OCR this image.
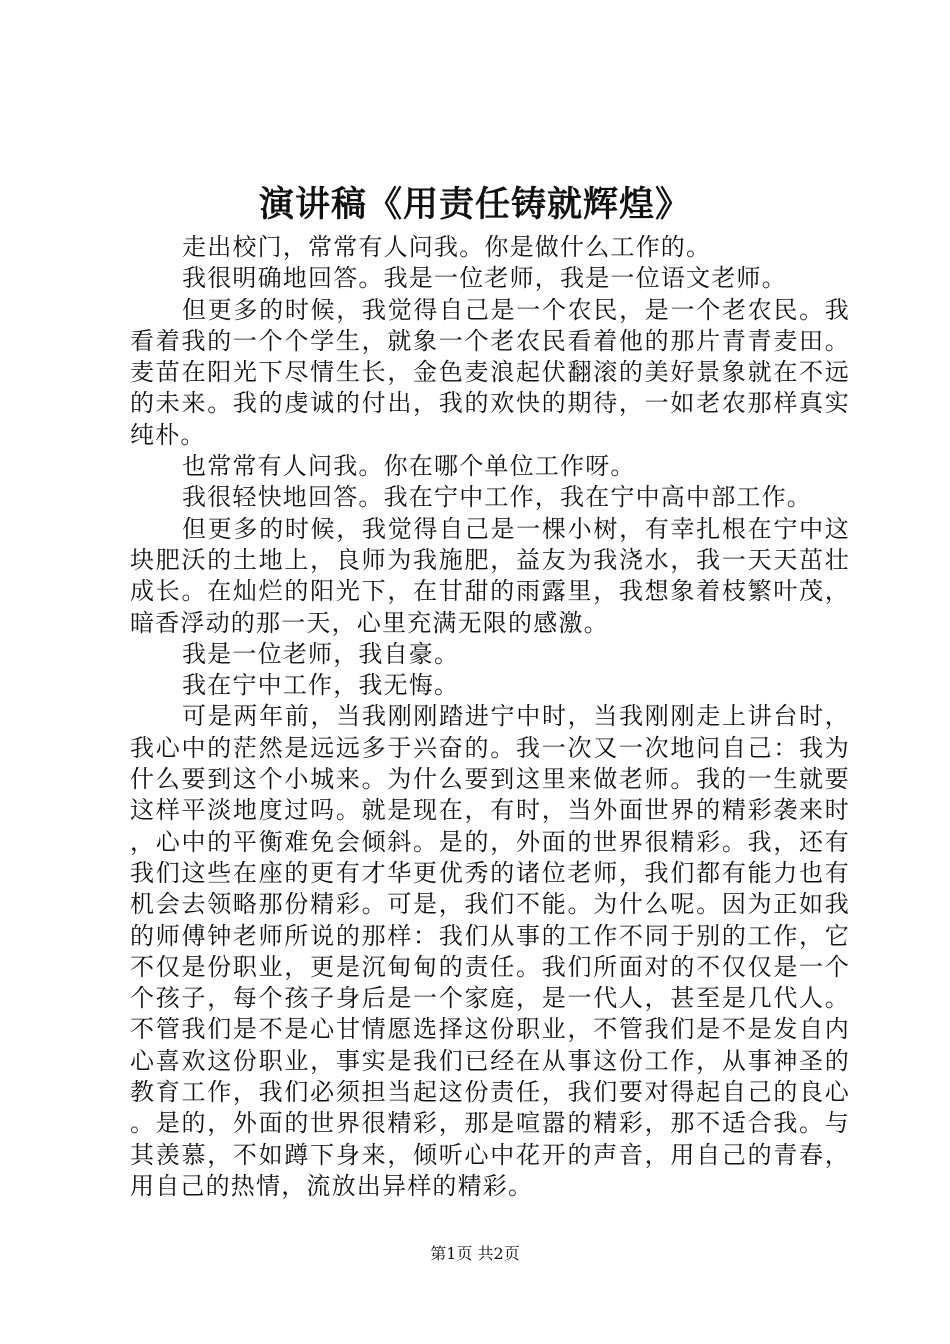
演讲稿《用责任铸就辉煌》

走出校门，常常有人问我。你是做什么工作的。

我很明确地回答。我是一位老师，我是一位语文老师。

但更多的时候，我觉得自己是一个农民，是一个老农民。我看着我的一个个学生，就象一个老农民看着他的那片青青麦田。麦苗在阳光下尽情生长，金色麦浪起伏翻滚的美好景象就在不远的未来。我的虔诚的付出，我的欢快的期待，一如老农那样真实纯朴。

也常常有人问我。你在哪个单位工作呀。

我很轻快地回答。我在宁中工作，我在宁中高中部工作。

但更多的时候，我觉得自己是一棵小树，有幸扎根在宁中这块肥沃的土地上，良师为我施肥，益友为我浇水，我一天天茁壮成长。在灿烂的阳光下，在甘甜的雨露里，我想象着枝繁叶茂，暗香浮动的那一天，心里充满无限的感激。

我是一位老师，我自豪。

我在宁中工作，我无悔。

可是两年前，当我刚刚踏进宁中时，当我刚刚走上讲台时，我心中的茫然是远远多于兴奋的。我一次又一次地问自己：我为什么要到这个小城来。为什么要到这里来做老师。我的一生就要这样平淡地度过吗。就是现在，有时，当外面世界的精彩袭来时，心中的平衡难免会倾斜。是的，外面的世界很精彩。我，还有我们这些在座的更有才华更优秀的诸位老师，我们都有能力也有机会去领略那份精彩。可是，我们不能。为什么呢。因为正如我的师傅钟老师所说的那样：我们从事的工作不同于别的工作，它不仅是份职业，更是沉甸甸的责任。我们所面对的不仅仅是一个个孩子，每个孩子身后是一个家庭，是一代人，甚至是几代人。不管我们是不是心甘情愿选择这份职业，不管我们是不是发自内心喜欢这份职业，事实是我们已经在从事这份工作，从事神圣的教育工作，我们必须担当起这份责任，我们要对得起自己的良心。是的，外面的世界很精彩，那是喧嚣的精彩，那不适合我。与其羡慕，不如蹲下身来，倾听心中花开的声音，用自己的青春，用自己的热情，流放出异样的精彩。

第1页 共2页
